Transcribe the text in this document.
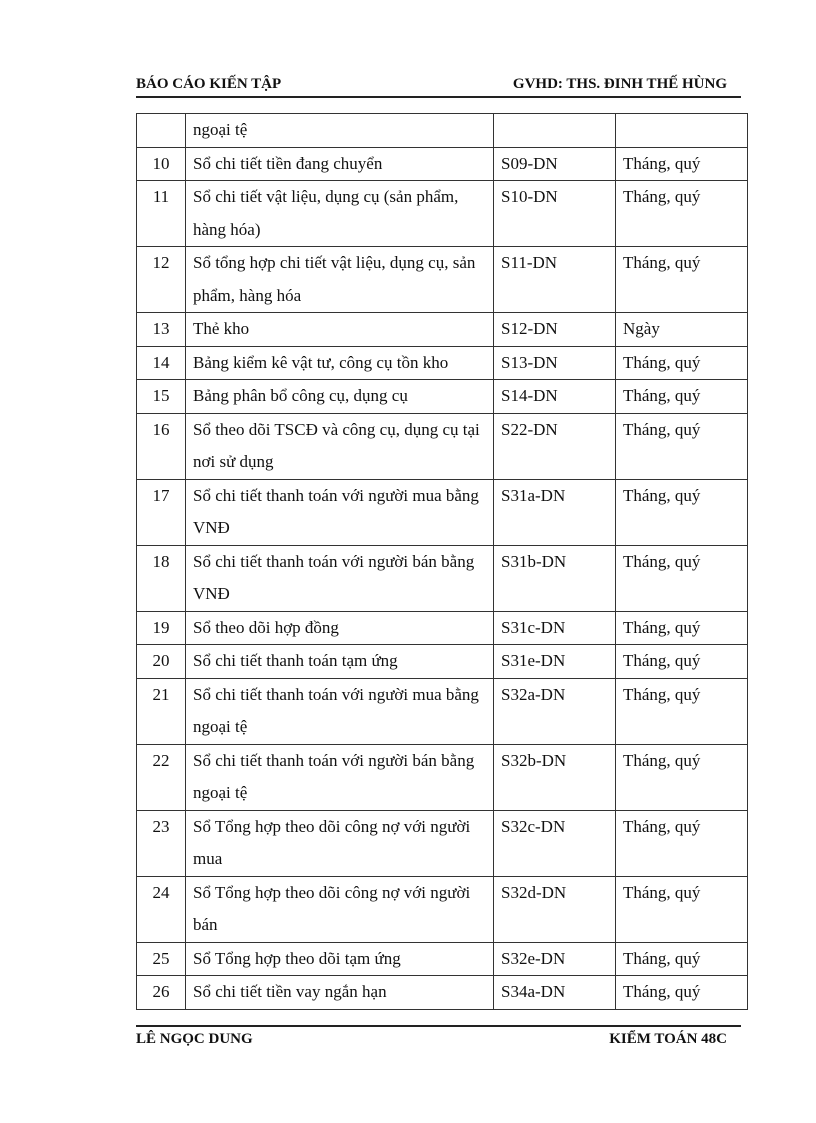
BÁO CÁO KIẾN TẬP	GVHD: THS. ĐINH THẾ HÙNG
	ngoại tệ		
10	Sổ chi tiết tiền đang chuyển	S09-DN	Tháng, quý
11	Sổ chi tiết vật liệu, dụng cụ (sản phẩm, hàng hóa)	S10-DN	Tháng, quý
12	Sổ tổng hợp chi tiết vật liệu, dụng cụ, sản phẩm, hàng hóa	S11-DN	Tháng, quý
13	Thẻ kho	S12-DN	Ngày
14	Bảng kiểm kê vật tư, công cụ tồn kho	S13-DN	Tháng, quý
15	Bảng phân bổ công cụ, dụng cụ	S14-DN	Tháng, quý
16	Sổ theo dõi TSCĐ và công cụ, dụng cụ tại nơi sử dụng	S22-DN	Tháng, quý
17	Sổ chi tiết thanh toán với người mua bằng VNĐ	S31a-DN	Tháng, quý
18	Sổ chi tiết thanh toán với người bán bằng VNĐ	S31b-DN	Tháng, quý
19	Sổ theo dõi hợp đồng	S31c-DN	Tháng, quý
20	Sổ chi tiết thanh toán tạm ứng	S31e-DN	Tháng, quý
21	Sổ chi tiết thanh toán với người mua bằng ngoại tệ	S32a-DN	Tháng, quý
22	Sổ chi tiết thanh toán với người bán bằng ngoại tệ	S32b-DN	Tháng, quý
23	Sổ Tổng hợp theo dõi công nợ với người mua	S32c-DN	Tháng, quý
24	Sổ Tổng hợp theo dõi công nợ với người bán	S32d-DN	Tháng, quý
25	Sổ Tổng hợp theo dõi tạm ứng	S32e-DN	Tháng, quý
26	Sổ chi tiết tiền vay ngắn hạn	S34a-DN	Tháng, quý
LÊ NGỌC DUNG	KIỂM TOÁN 48C
